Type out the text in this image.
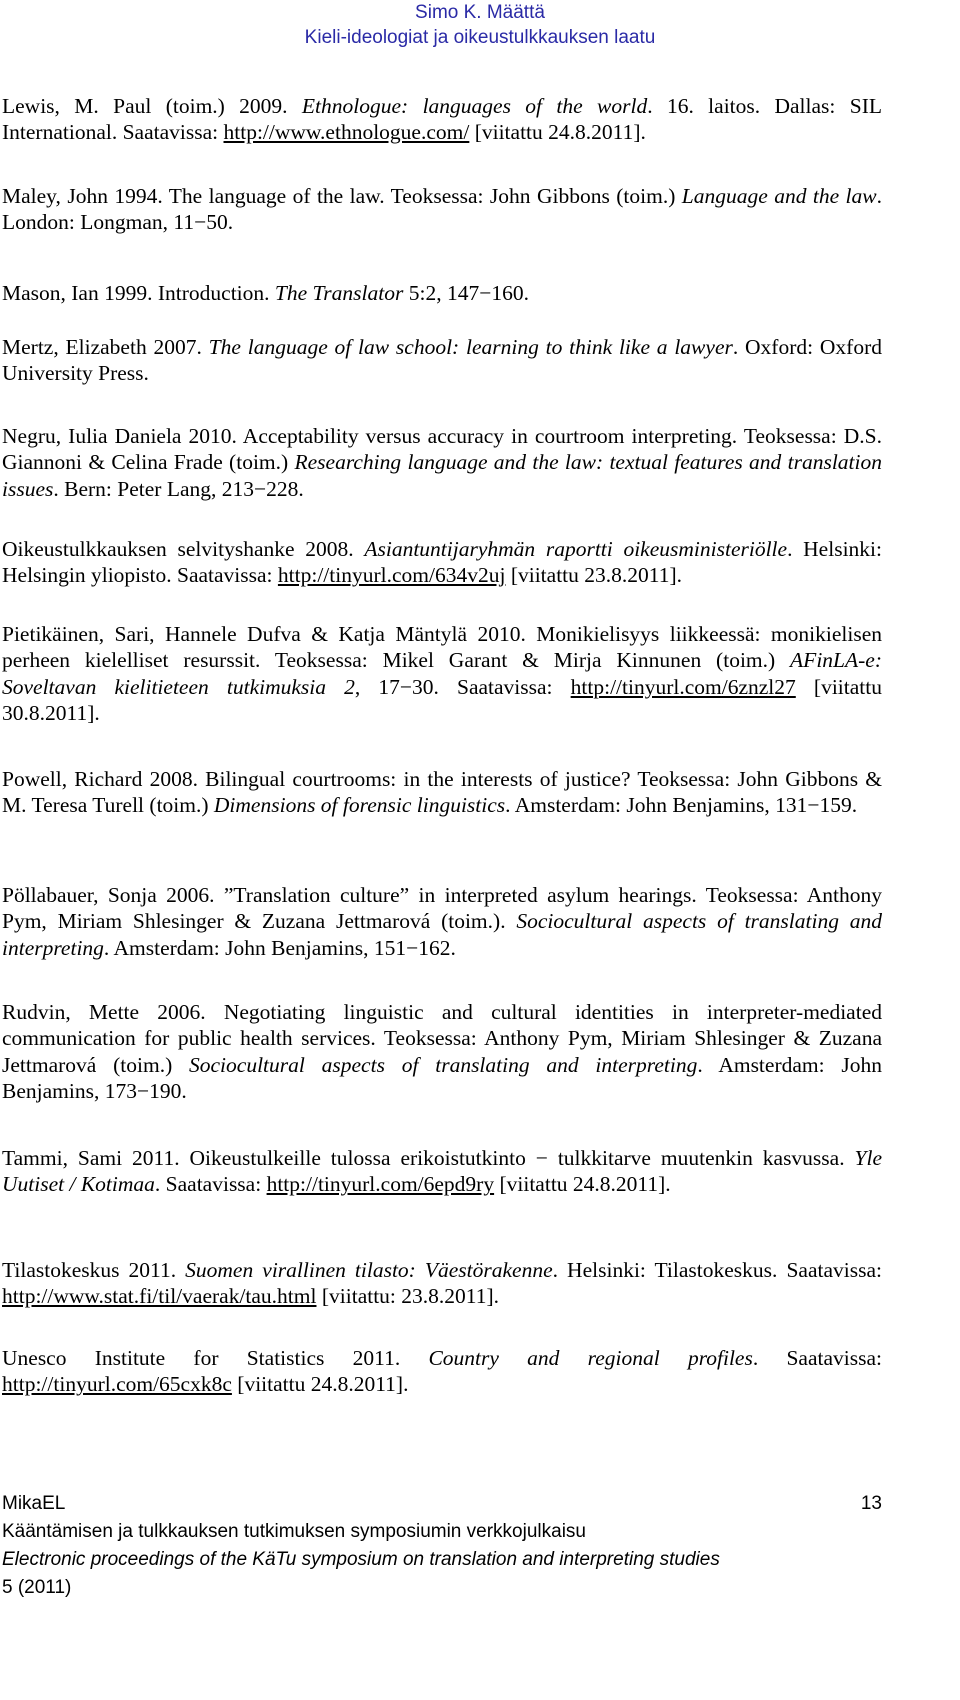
Simo K. Määttä
Kieli-ideologiat ja oikeustulkkauksen laatu
Lewis, M. Paul (toim.) 2009. Ethnologue: languages of the world. 16. laitos. Dallas: SIL International. Saatavissa: http://www.ethnologue.com/ [viitattu 24.8.2011].
Maley, John 1994. The language of the law. Teoksessa: John Gibbons (toim.) Language and the law. London: Longman, 11−50.
Mason, Ian 1999. Introduction. The Translator 5:2, 147−160.
Mertz, Elizabeth 2007. The language of law school: learning to think like a lawyer. Oxford: Oxford University Press.
Negru, Iulia Daniela 2010. Acceptability versus accuracy in courtroom interpreting. Teoksessa: D.S. Giannoni & Celina Frade (toim.) Researching language and the law: textual features and translation issues. Bern: Peter Lang, 213−228.
Oikeustulkkauksen selvityshanke 2008. Asiantuntijaryhmän raportti oikeusministeriölle. Helsinki: Helsingin yliopisto. Saatavissa: http://tinyurl.com/634v2uj [viitattu 23.8.2011].
Pietikäinen, Sari, Hannele Dufva & Katja Mäntylä 2010. Monikielisyys liikkeessä: monikielisen perheen kielelliset resurssit. Teoksessa: Mikel Garant & Mirja Kinnunen (toim.) AFinLA-e: Soveltavan kielitieteen tutkimuksia 2, 17−30. Saatavissa: http://tinyurl.com/6znzl27 [viitattu 30.8.2011].
Powell, Richard 2008. Bilingual courtrooms: in the interests of justice? Teoksessa: John Gibbons & M. Teresa Turell (toim.) Dimensions of forensic linguistics. Amsterdam: John Benjamins, 131−159.
Pöllabauer, Sonja 2006. ”Translation culture” in interpreted asylum hearings. Teoksessa: Anthony Pym, Miriam Shlesinger & Zuzana Jettmarová (toim.). Sociocultural aspects of translating and interpreting. Amsterdam: John Benjamins, 151−162.
Rudvin, Mette 2006. Negotiating linguistic and cultural identities in interpreter-mediated communication for public health services. Teoksessa: Anthony Pym, Miriam Shlesinger & Zuzana Jettmarová (toim.) Sociocultural aspects of translating and interpreting. Amsterdam: John Benjamins, 173−190.
Tammi, Sami 2011. Oikeustulkeille tulossa erikoistutkinto − tulkkitarve muutenkin kasvussa. Yle Uutiset / Kotimaa. Saatavissa: http://tinyurl.com/6epd9ry [viitattu 24.8.2011].
Tilastokeskus 2011. Suomen virallinen tilasto: Väestörakenne. Helsinki: Tilastokeskus. Saatavissa: http://www.stat.fi/til/vaerak/tau.html [viitattu: 23.8.2011].
Unesco Institute for Statistics 2011. Country and regional profiles. Saatavissa: http://tinyurl.com/65cxk8c [viitattu 24.8.2011].
MikaEL	13
Kääntämisen ja tulkkauksen tutkimuksen symposiumin verkkojulkaisu
Electronic proceedings of the KäTu symposium on translation and interpreting studies
5 (2011)
